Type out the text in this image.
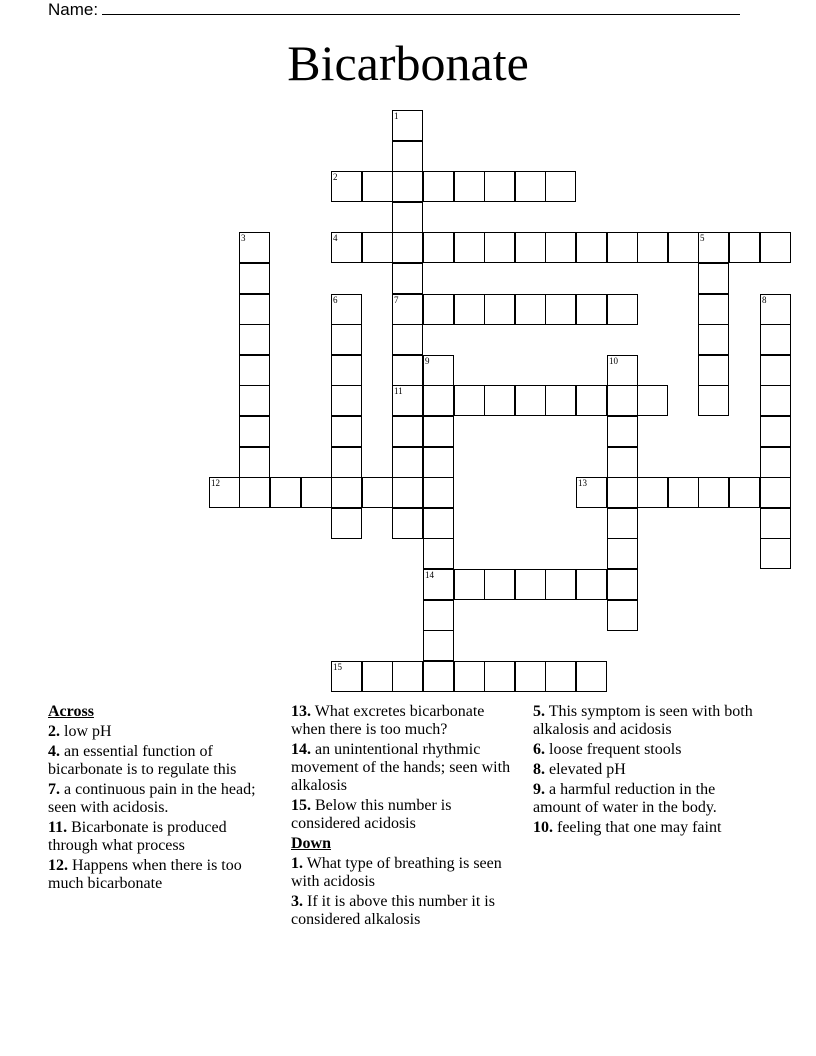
Name:
Bicarbonate
1
7
11
2
3	4	5
6	8
9
14
10
12	13
15
Across
2. low pH
4. an essential function of bicarbonate is to regulate this
7. a continuous pain in the head; seen with acidosis.
11. Bicarbonate is produced through what process
12. Happens when there is too much bicarbonate
13. What excretes bicarbonate when there is too much?
14. an unintentional rhythmic movement of the hands; seen with alkalosis
15. Below this number is considered acidosis
Down
1. What type of breathing is seen with acidosis
3. If it is above this number it is considered alkalosis
5. This symptom is seen with both alkalosis and acidosis
6. loose frequent stools
8. elevated pH
9. a harmful reduction in the amount of water in the body.
10. feeling that one may faint
